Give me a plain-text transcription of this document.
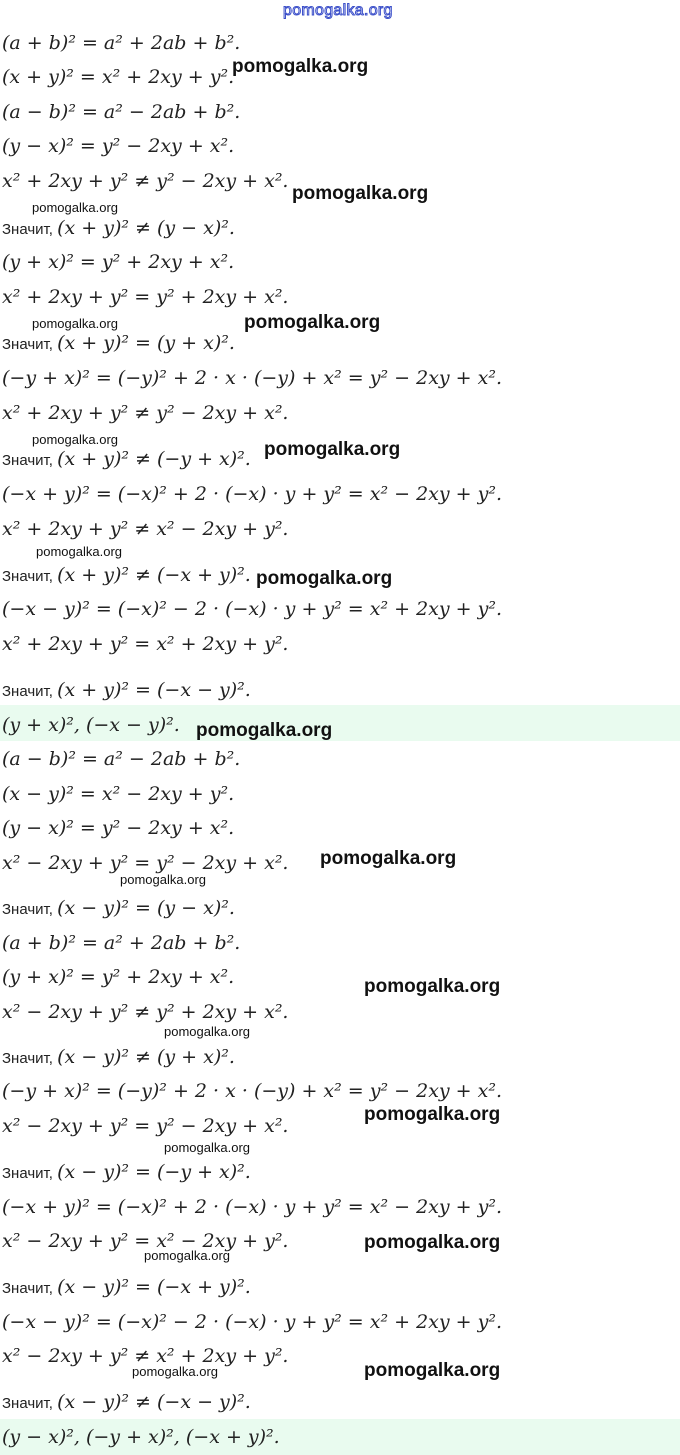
pomogalka.org
(a + b)² = a² + 2ab + b².
(x + y)² = x² + 2xy + y².
(a − b)² = a² − 2ab + b².
(y − x)² = y² − 2xy + x².
x² + 2xy + y² ≠ y² − 2xy + x².
Значит, (x + y)² ≠ (y − x)².
(y + x)² = y² + 2xy + x².
x² + 2xy + y² = y² + 2xy + x².
Значит, (x + y)² = (y + x)².
(−y + x)² = (−y)² + 2 · x · (−y) + x² = y² − 2xy + x².
x² + 2xy + y² ≠ y² − 2xy + x².
Значит, (x + y)² ≠ (−y + x)².
(−x + y)² = (−x)² + 2 · (−x) · y + y² = x² − 2xy + y².
x² + 2xy + y² ≠ x² − 2xy + y².
Значит, (x + y)² ≠ (−x + y)².
(−x − y)² = (−x)² − 2 · (−x) · y + y² = x² + 2xy + y².
x² + 2xy + y² = x² + 2xy + y².
Значит, (x + y)² = (−x − y)².
(y + x)², (−x − y)².
(a − b)² = a² − 2ab + b².
(x − y)² = x² − 2xy + y².
(y − x)² = y² − 2xy + x².
x² − 2xy + y² = y² − 2xy + x².
Значит, (x − y)² = (y − x)².
(a + b)² = a² + 2ab + b².
(y + x)² = y² + 2xy + x².
x² − 2xy + y² ≠ y² + 2xy + x².
Значит, (x − y)² ≠ (y + x)².
(−y + x)² = (−y)² + 2 · x · (−y) + x² = y² − 2xy + x².
x² − 2xy + y² = y² − 2xy + x².
Значит, (x − y)² = (−y + x)².
(−x + y)² = (−x)² + 2 · (−x) · y + y² = x² − 2xy + y².
x² − 2xy + y² = x² − 2xy + y².
Значит, (x − y)² = (−x + y)².
(−x − y)² = (−x)² − 2 · (−x) · y + y² = x² + 2xy + y².
x² − 2xy + y² ≠ x² + 2xy + y².
Значит, (x − y)² ≠ (−x − y)².
(y − x)², (−y + x)², (−x + y)².
pomogalka.org
pomogalka.org
pomogalka.org
pomogalka.org	pomogalka.org
pomogalka.org	pomogalka.org
pomogalka.org
pomogalka.org
pomogalka.org
pomogalka.org
pomogalka.org
pomogalka.org
pomogalka.org
pomogalka.org
pomogalka.org
pomogalka.org
pomogalka.org
pomogalka.org	pomogalka.org
